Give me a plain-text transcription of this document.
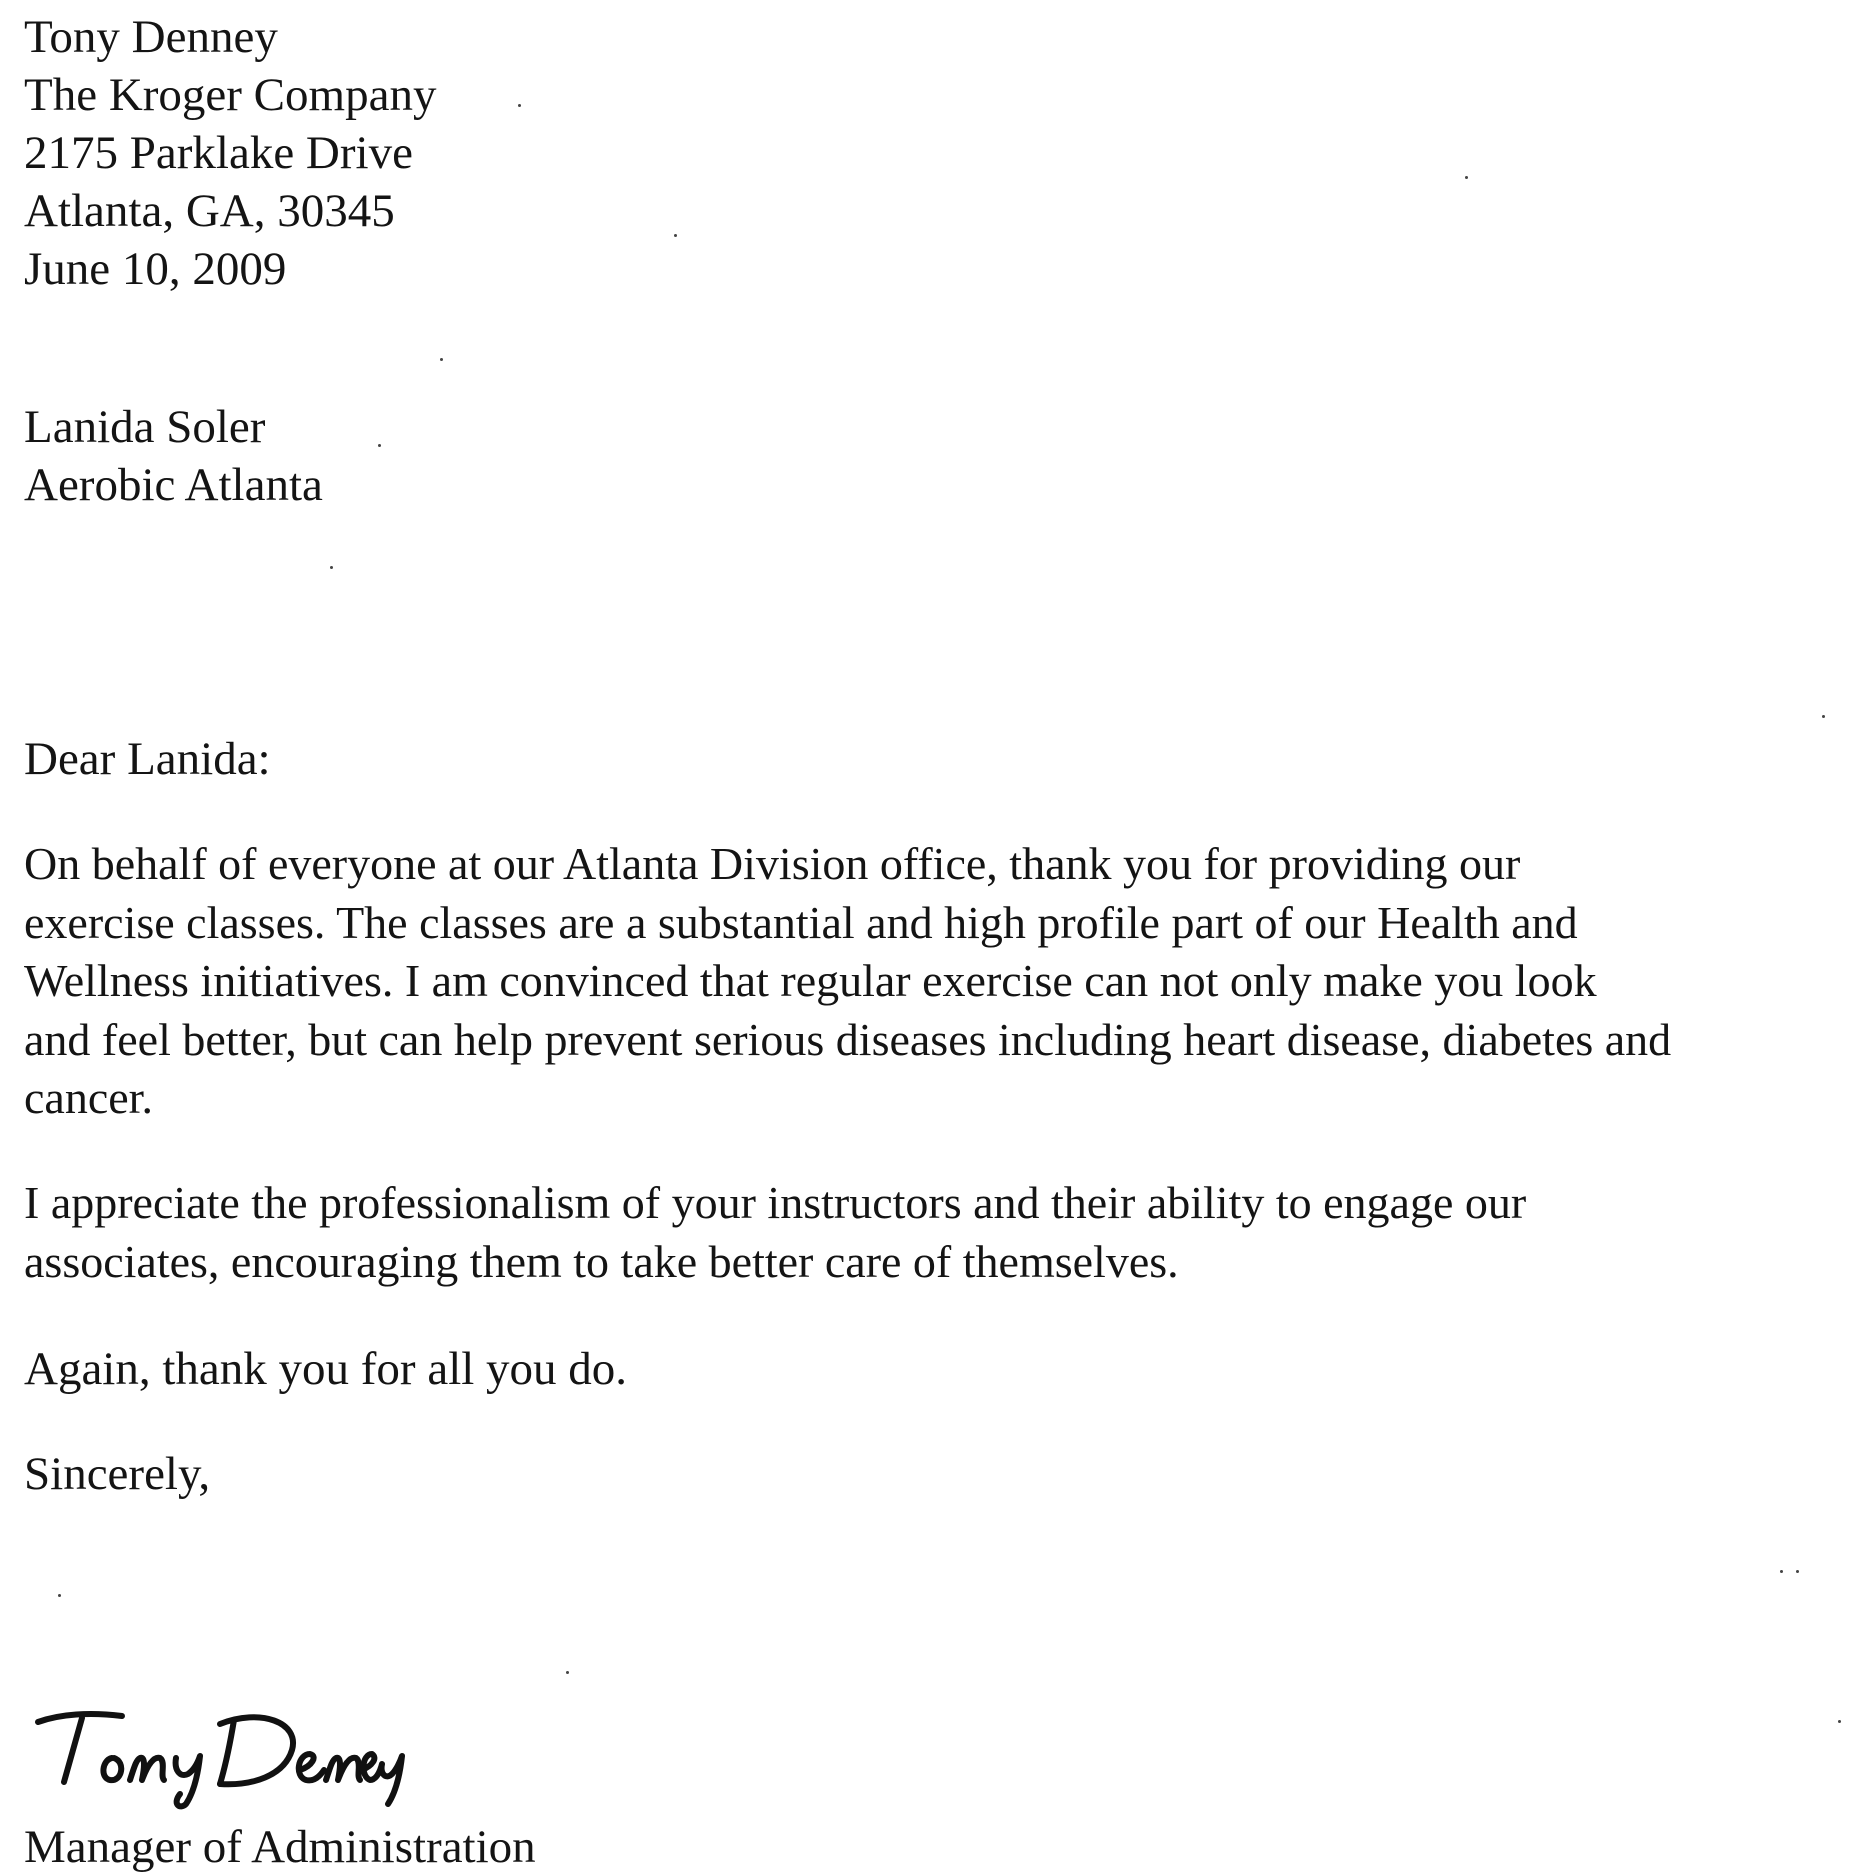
Tony Denney

The Kroger Company

2175 Parklake Drive

Atlanta, GA, 30345

June 10, 2009

Lanida Soler

Aerobic Atlanta

Dear Lanida:

On behalf of everyone at our Atlanta Division office, thank you for providing our
exercise classes. The classes are a substantial and high profile part of our Health and
Wellness initiatives. I am convinced that regular exercise can not only make you look
and feel better, but can help prevent serious diseases including heart disease, diabetes and
cancer.
I appreciate the professionalism of your instructors and their ability to engage our
associates, encouraging them to take better care of themselves.

Again, thank you for all you do.

Sincerely,

Manager of Administration
